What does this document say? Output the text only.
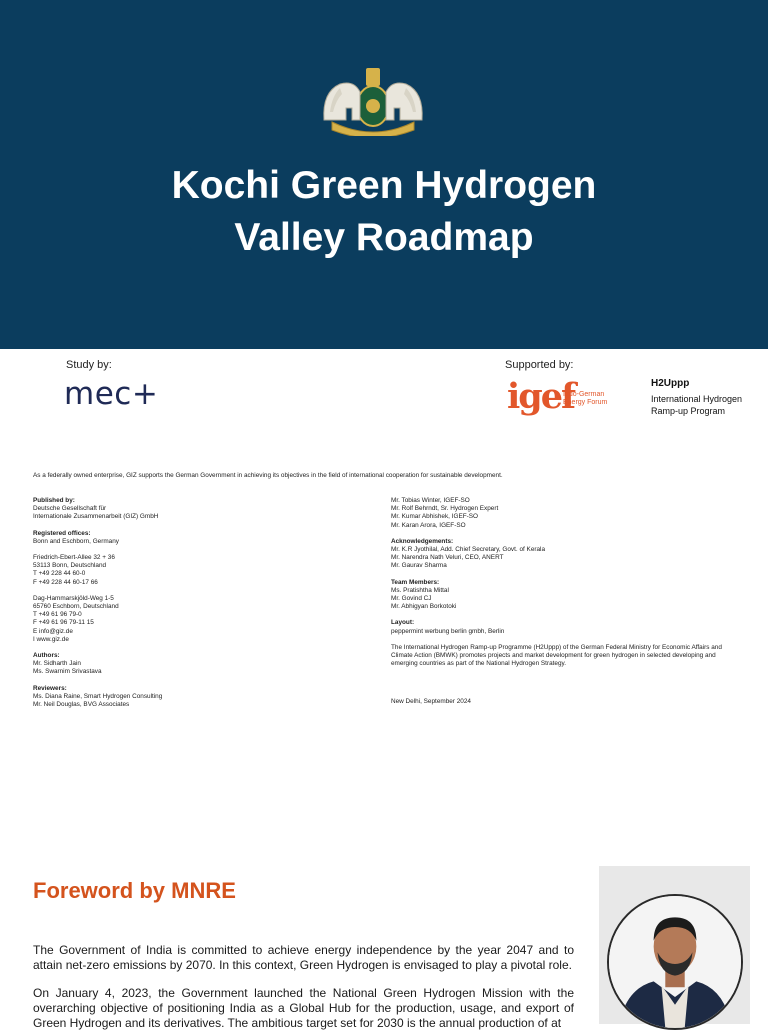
Kochi Green Hydrogen
Valley Roadmap
Study by:
mec+
Supported by:
igef
Indo-German Energy Forum
H2Uppp
International Hydrogen Ramp-up Program
As a federally owned enterprise, GIZ supports the German Government in achieving its objectives in the field of international cooperation for sustainable development.

Published by:

Deutsche Gesellschaft für

Internationale Zusammenarbeit (GIZ) GmbH

Registered offices:

Bonn and Eschborn, Germany

Friedrich-Ebert-Allee 32 + 36

53113 Bonn, Deutschland

T +49 228 44 60-0

F +49 228 44 60-17 66

Dag-Hammarskjöld-Weg 1-5

65760 Eschborn, Deutschland

T +49 61 96 79-0

F +49 61 96 79-11 15

E info@giz.de

I www.giz.de

Authors:

Mr. Sidharth Jain

Ms. Swarnim Srivastava

Reviewers:

Ms. Diana Raine, Smart Hydrogen Consulting

Mr. Neil Douglas, BVG Associates

Mr. Tobias Winter, IGEF-SO

Mr. Rolf Behrndt, Sr. Hydrogen Expert

Mr. Kumar Abhishek, IGEF-SO

Mr. Karan Arora, IGEF-SO

Acknowledgements:

Mr. K.R Jyothilal, Add. Chief Secretary, Govt. of Kerala

Mr. Narendra Nath Veluri, CEO, ANERT

Mr. Gaurav Sharma

Team Members:

Ms. Pratishtha Mittal

Mr. Govind CJ

Mr. Abhigyan Borkotoki

Layout:

peppermint werbung berlin gmbh, Berlin

The International Hydrogen Ramp-up Programme (H2Uppp) of the German Federal Ministry for Economic Affairs and Climate Action (BMWK) promotes projects and market development for green hydrogen in selected developing and emerging countries as part of the National Hydrogen Strategy.
New Delhi, September 2024
Foreword by MNRE
The Government of India is committed to achieve energy independence by the year 2047 and to attain net-zero emissions by 2070. In this context, Green Hydrogen is envisaged to play a pivotal role.
On January 4, 2023, the Government launched the National Green Hydrogen Mission with the overarching objective of positioning India as a Global Hub for the production, usage, and export of Green Hydrogen and its derivatives. The ambitious target set for 2030 is the annual production of at
